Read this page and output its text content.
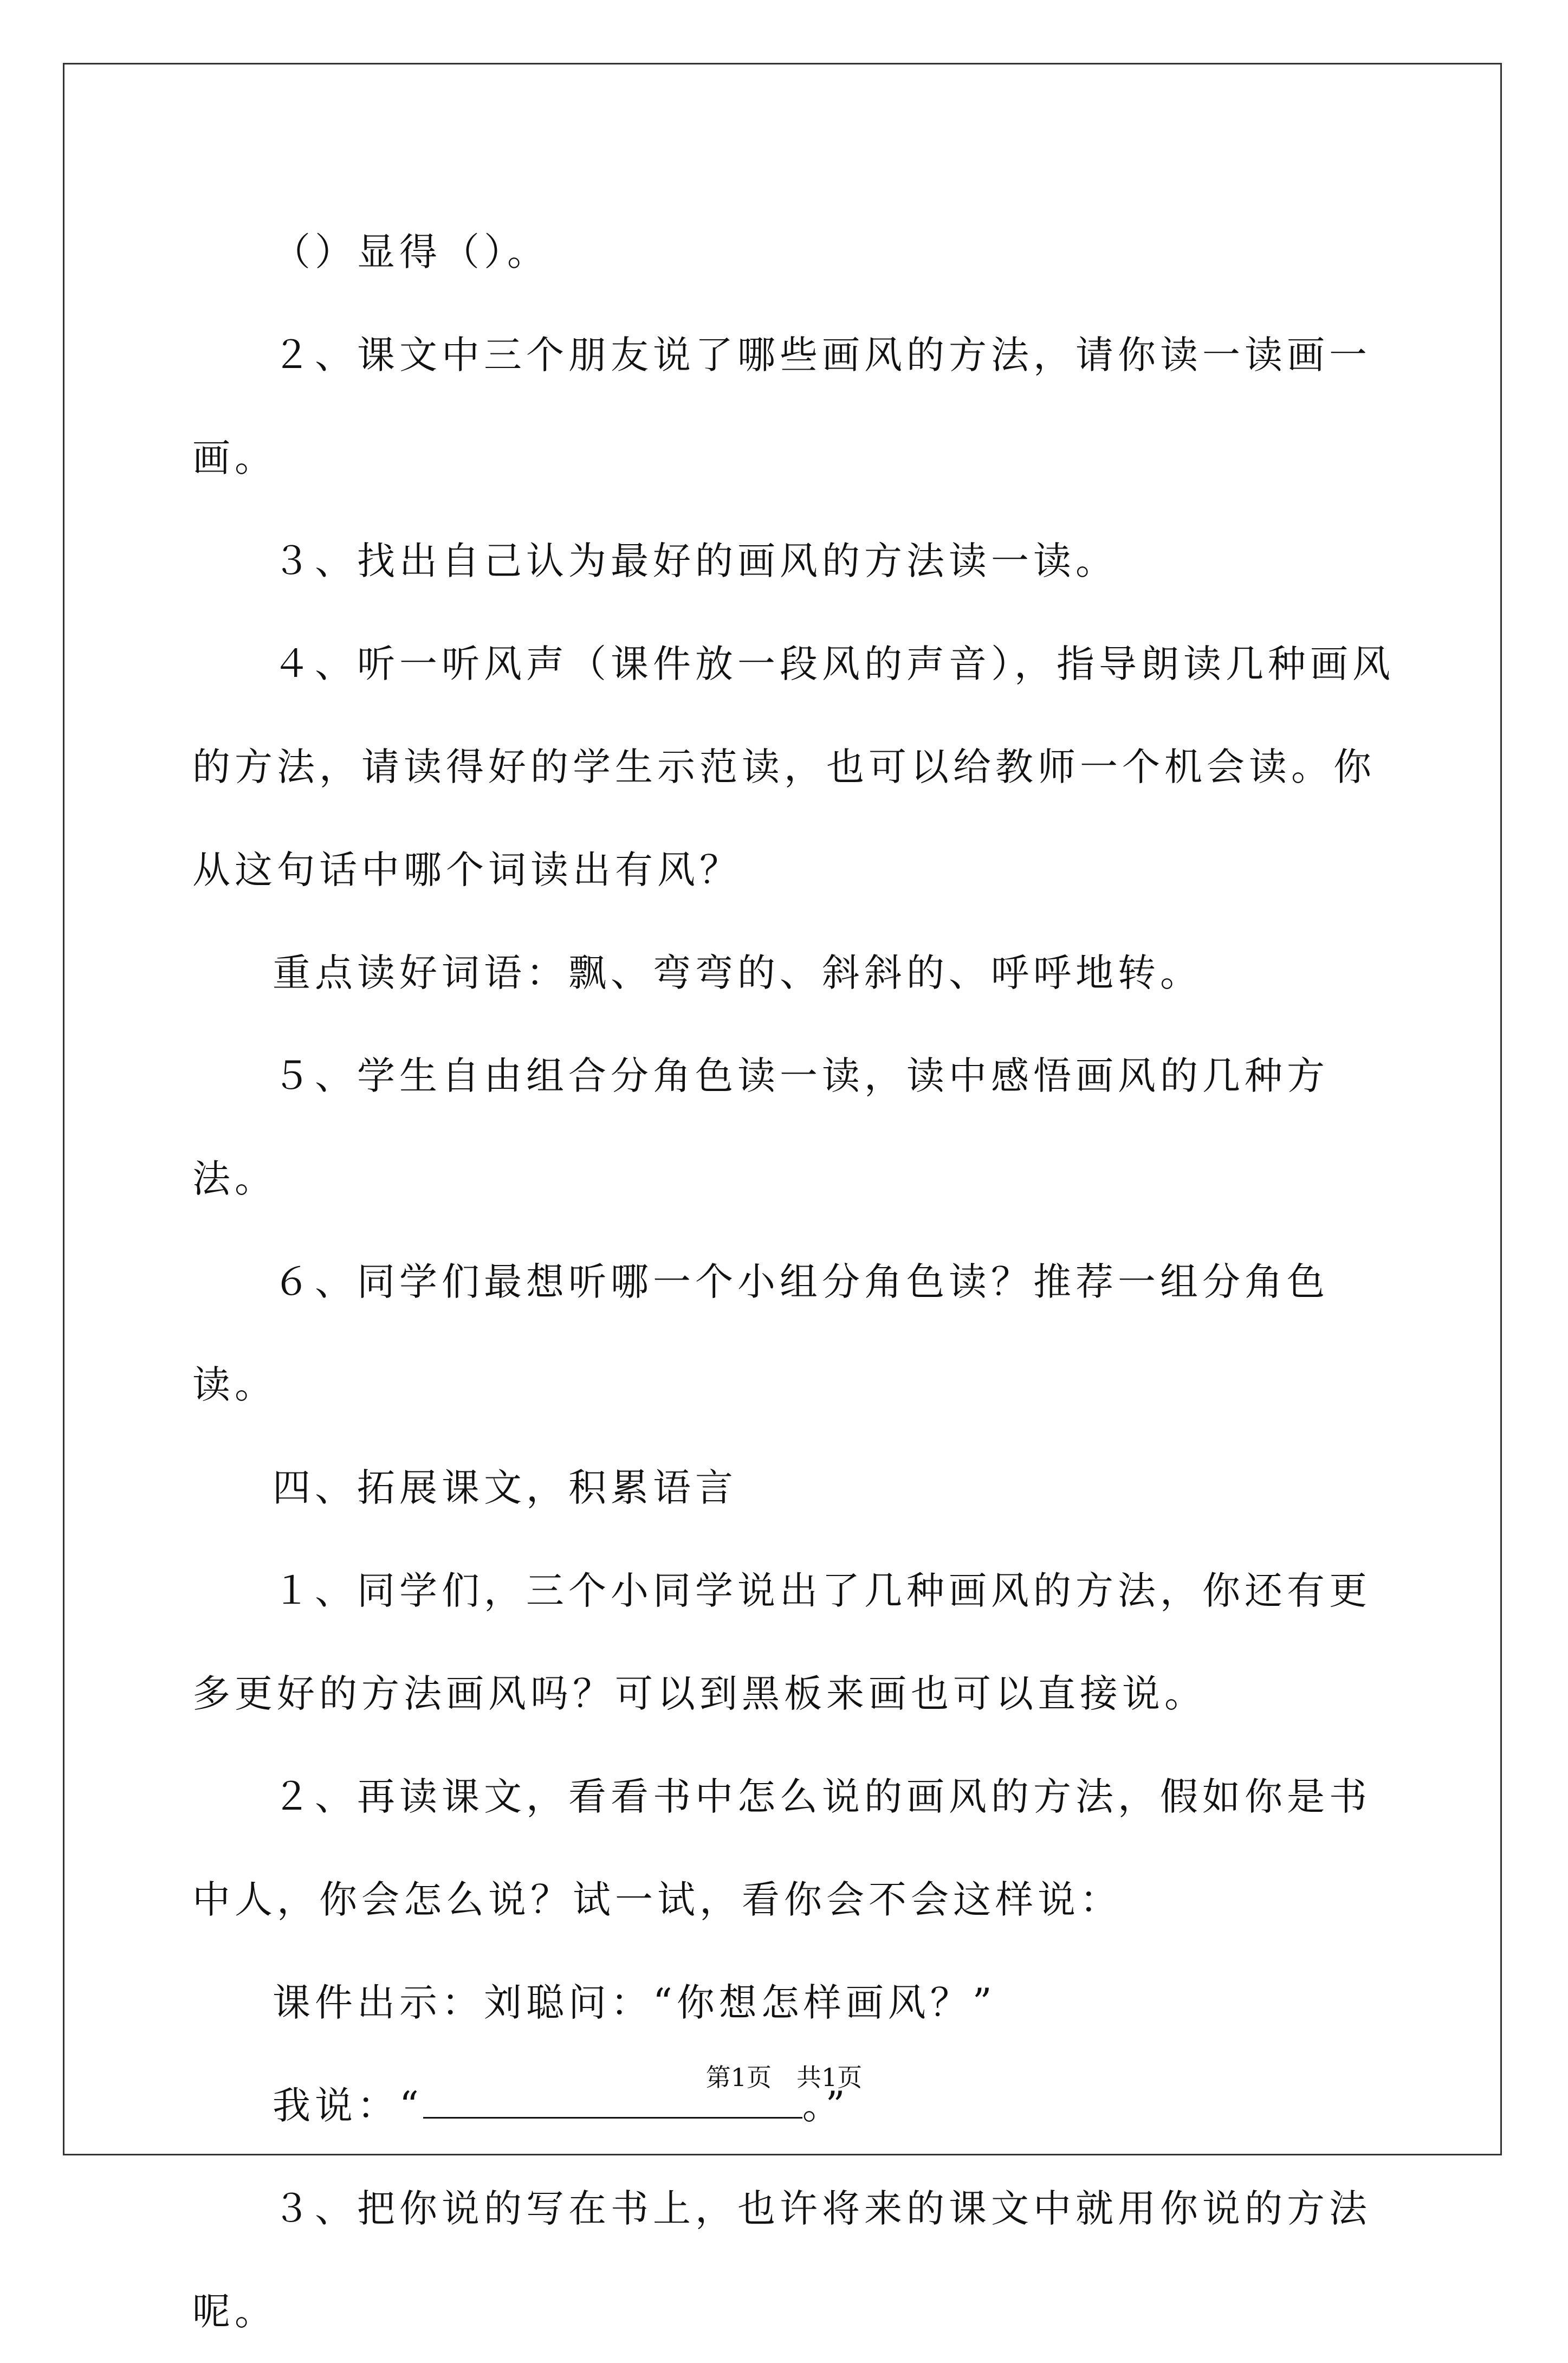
（）显得（）。

２、课文中三个朋友说了哪些画风的方法，请你读一读画一画。

３、找出自己认为最好的画风的方法读一读。

４、听一听风声（课件放一段风的声音），指导朗读几种画风的方法，请读得好的学生示范读，也可以给教师一个机会读。你从这句话中哪个词读出有风？

重点读好词语：飘、弯弯的、斜斜的、呼呼地转。

５、学生自由组合分角色读一读，读中感悟画风的几种方法。

６、同学们最想听哪一个小组分角色读？推荐一组分角色读。

四、拓展课文，积累语言

１、同学们，三个小同学说出了几种画风的方法，你还有更多更好的方法画风吗？可以到黑板来画也可以直接说。

２、再读课文，看看书中怎么说的画风的方法，假如你是书中人，你会怎么说？试一试，看你会不会这样说：

课件出示：刘聪问：“你想怎样画风？”

我说：“	。”

３、把你说的写在书上，也许将来的课文中就用你说的方法呢。

第1页　共1页
